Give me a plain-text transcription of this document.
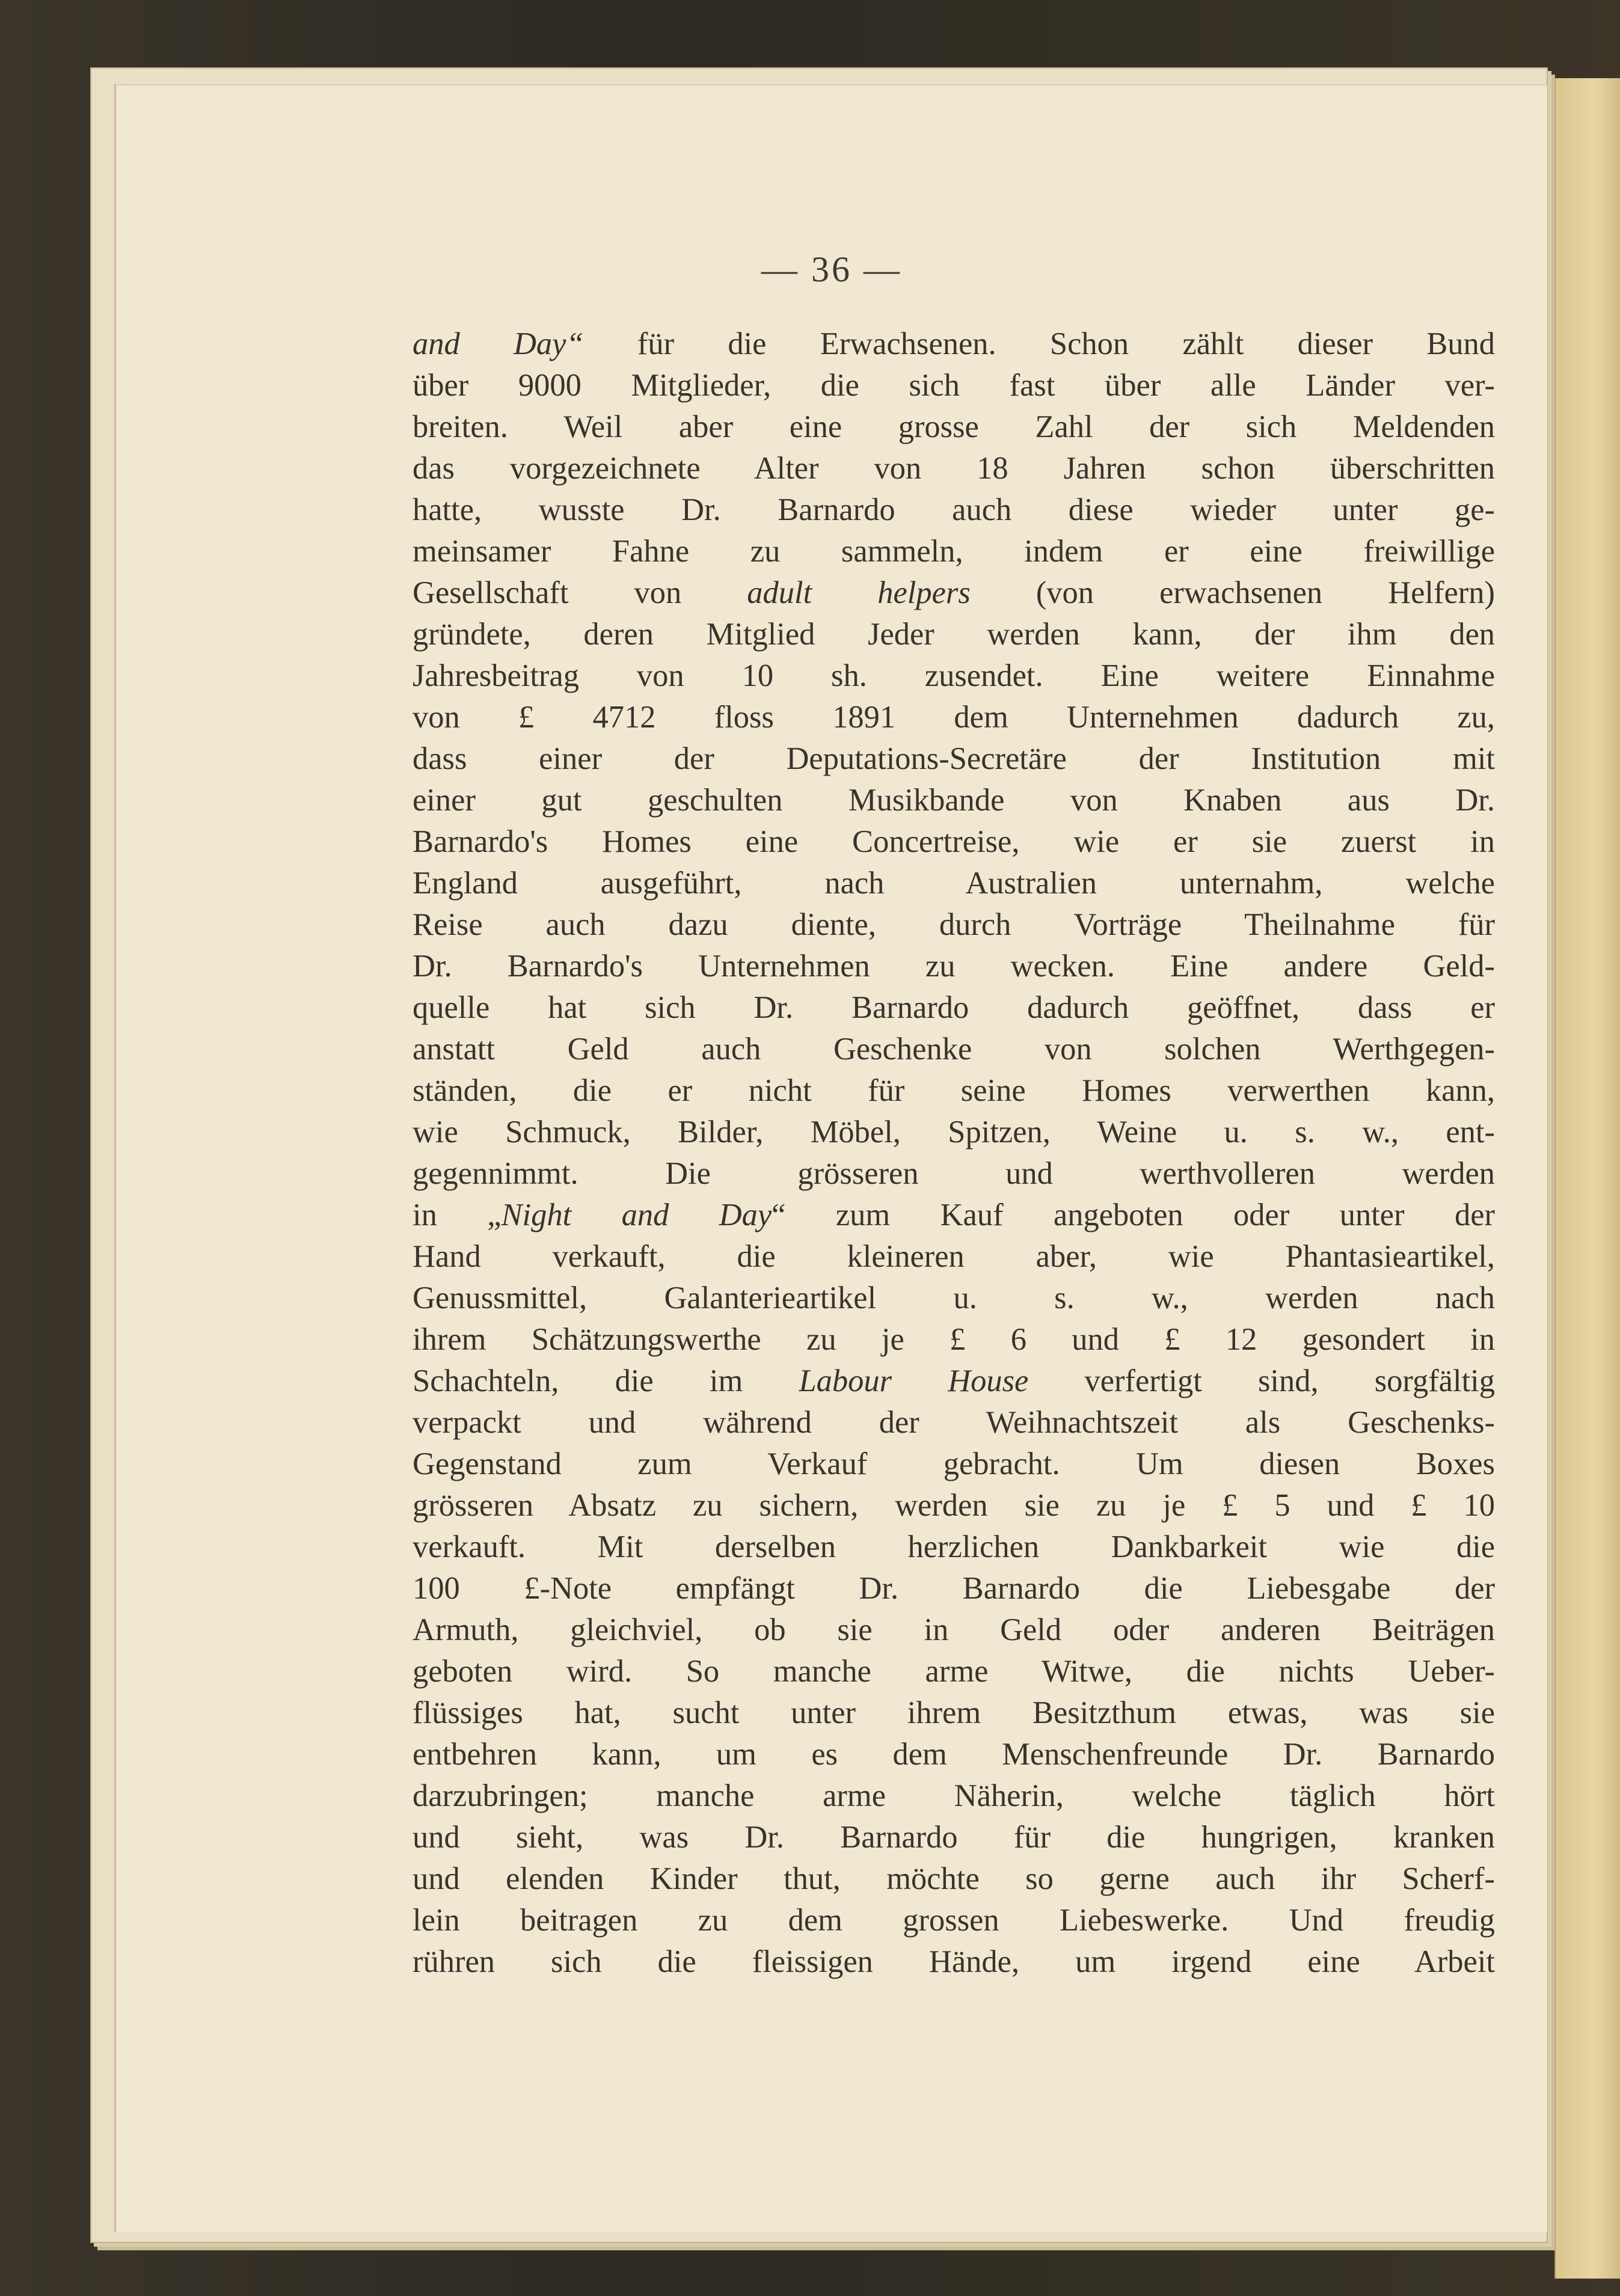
— 36 —
and Day“ für die Erwachsenen. Schon zählt dieser Bund
über 9000 Mitglieder, die sich fast über alle Länder ver-
breiten. Weil aber eine grosse Zahl der sich Meldenden
das vorgezeichnete Alter von 18 Jahren schon überschritten
hatte, wusste Dr. Barnardo auch diese wieder unter ge-
meinsamer Fahne zu sammeln, indem er eine freiwillige
Gesellschaft von adult helpers (von erwachsenen Helfern)
gründete, deren Mitglied Jeder werden kann, der ihm den
Jahresbeitrag von 10 sh. zusendet. Eine weitere Einnahme
von £ 4712 floss 1891 dem Unternehmen dadurch zu,
dass einer der Deputations-Secretäre der Institution mit
einer gut geschulten Musikbande von Knaben aus Dr.
Barnardo's Homes eine Concertreise, wie er sie zuerst in
England ausgeführt, nach Australien unternahm, welche
Reise auch dazu diente, durch Vorträge Theilnahme für
Dr. Barnardo's Unternehmen zu wecken. Eine andere Geld-
quelle hat sich Dr. Barnardo dadurch geöffnet, dass er
anstatt Geld auch Geschenke von solchen Werthgegen-
ständen, die er nicht für seine Homes verwerthen kann,
wie Schmuck, Bilder, Möbel, Spitzen, Weine u. s. w., ent-
gegennimmt. Die grösseren und werthvolleren werden
in „Night and Day“ zum Kauf angeboten oder unter der
Hand verkauft, die kleineren aber, wie Phantasieartikel,
Genussmittel, Galanterieartikel u. s. w., werden nach
ihrem Schätzungswerthe zu je £ 6 und £ 12 gesondert in
Schachteln, die im Labour House verfertigt sind, sorgfältig
verpackt und während der Weihnachtszeit als Geschenks-
Gegenstand zum Verkauf gebracht. Um diesen Boxes
grösseren Absatz zu sichern, werden sie zu je £ 5 und £ 10
verkauft. Mit derselben herzlichen Dankbarkeit wie die
100 £-Note empfängt Dr. Barnardo die Liebesgabe der
Armuth, gleichviel, ob sie in Geld oder anderen Beiträgen
geboten wird. So manche arme Witwe, die nichts Ueber-
flüssiges hat, sucht unter ihrem Besitzthum etwas, was sie
entbehren kann, um es dem Menschenfreunde Dr. Barnardo
darzubringen; manche arme Näherin, welche täglich hört
und sieht, was Dr. Barnardo für die hungrigen, kranken
und elenden Kinder thut, möchte so gerne auch ihr Scherf-
lein beitragen zu dem grossen Liebeswerke. Und freudig
rühren sich die fleissigen Hände, um irgend eine Arbeit
